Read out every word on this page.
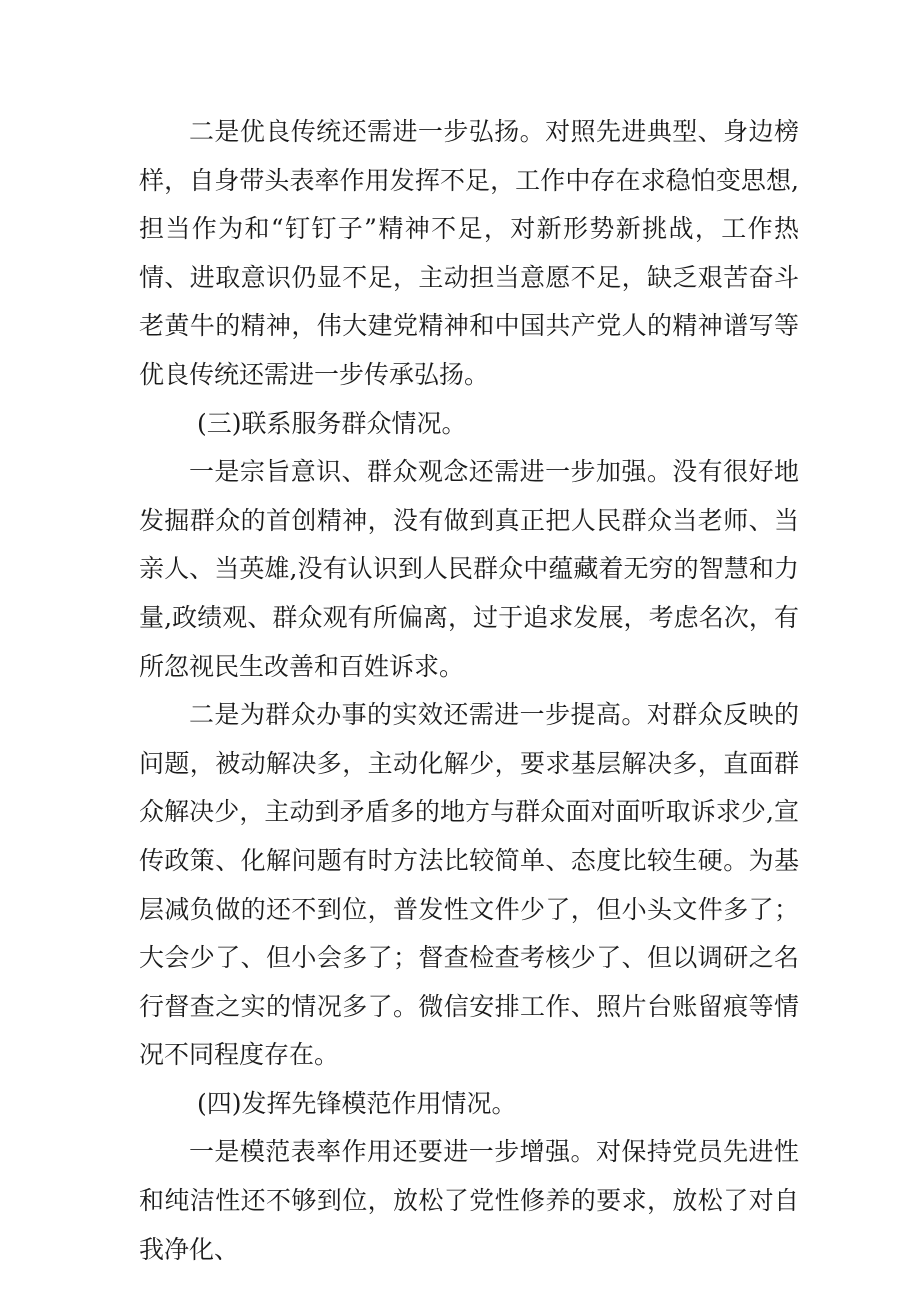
二是优良传统还需进一步弘扬。对照先进典型、身边榜样，自身带头表率作用发挥不足，工作中存在求稳怕变思想,担当作为和“钉钉子”精神不足，对新形势新挑战，工作热情、进取意识仍显不足，主动担当意愿不足，缺乏艰苦奋斗老黄牛的精神，伟大建党精神和中国共产党人的精神谱写等优良传统还需进一步传承弘扬。

(三)联系服务群众情况。

一是宗旨意识、群众观念还需进一步加强。没有很好地发掘群众的首创精神，没有做到真正把人民群众当老师、当亲人、当英雄,没有认识到人民群众中蕴藏着无穷的智慧和力量,政绩观、群众观有所偏离，过于追求发展，考虑名次，有所忽视民生改善和百姓诉求。

二是为群众办事的实效还需进一步提高。对群众反映的问题，被动解决多，主动化解少，要求基层解决多，直面群众解决少，主动到矛盾多的地方与群众面对面听取诉求少,宣传政策、化解问题有时方法比较简单、态度比较生硬。为基层减负做的还不到位，普发性文件少了，但小头文件多了；大会少了、但小会多了；督查检查考核少了、但以调研之名行督查之实的情况多了。微信安排工作、照片台账留痕等情况不同程度存在。

(四)发挥先锋模范作用情况。

一是模范表率作用还要进一步增强。对保持党员先进性和纯洁性还不够到位，放松了党性修养的要求，放松了对自我净化、
